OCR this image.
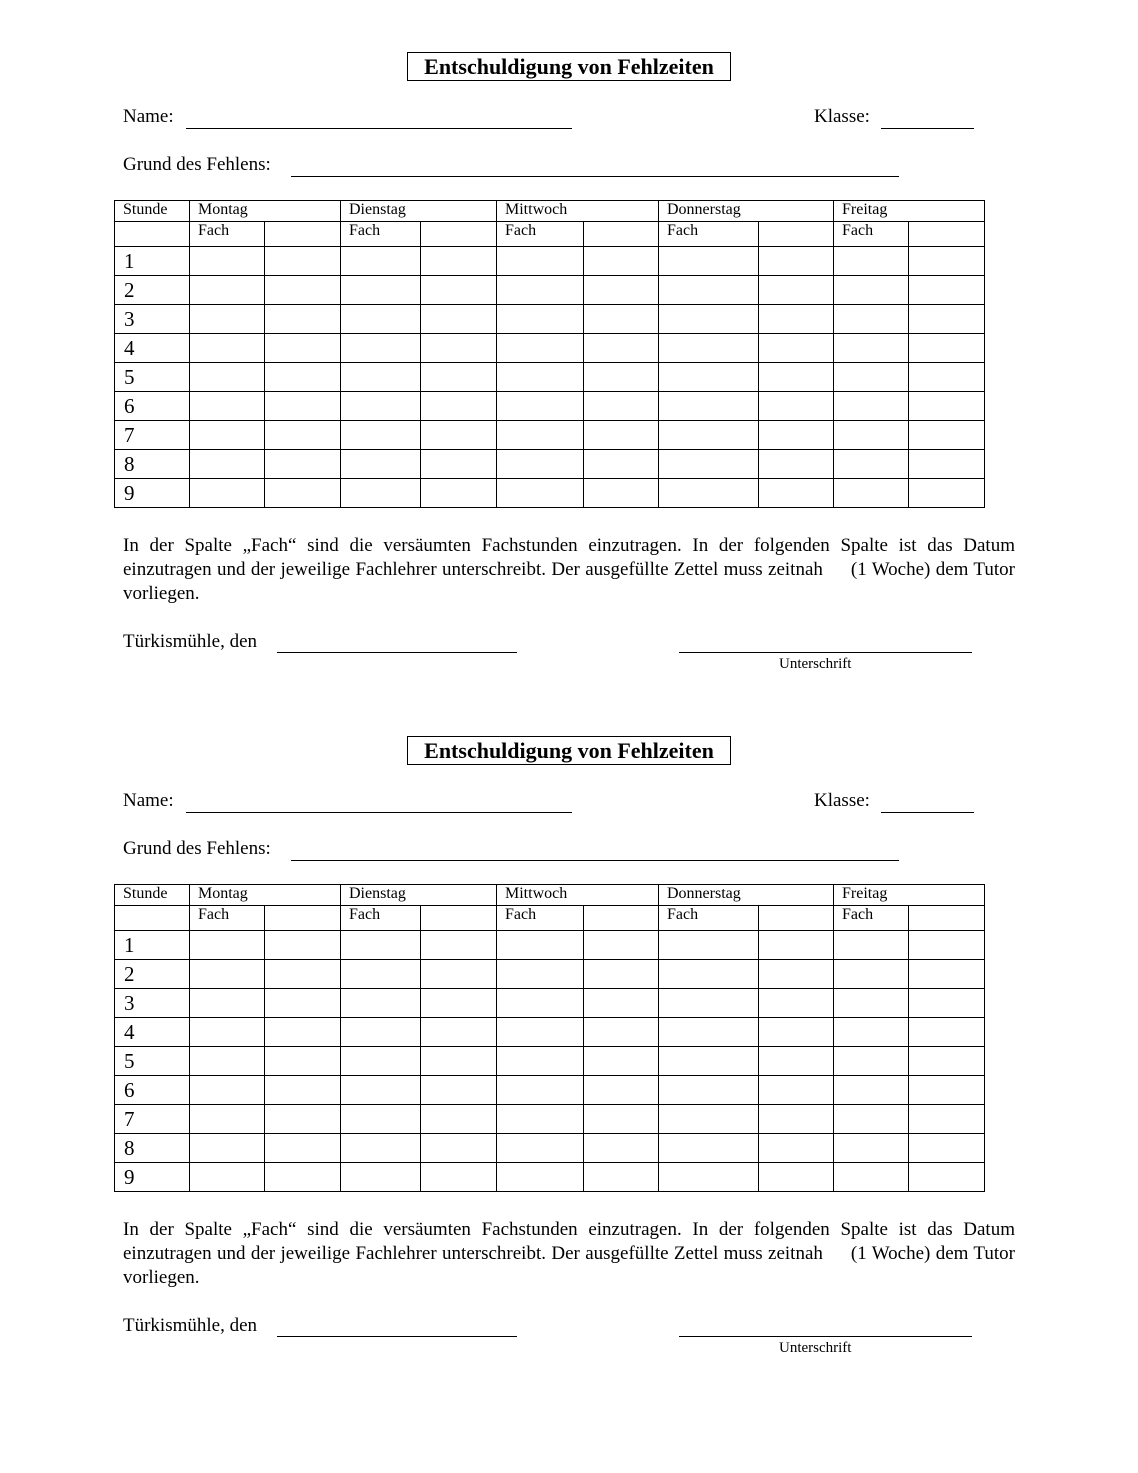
Entschuldigung von Fehlzeiten
Name:	Klasse:
Grund des Fehlens:
Stunde	Montag		Dienstag		Mittwoch		Donnerstag		Freitag	
	Fach		Fach		Fach		Fach		Fach	
1										
2										
3										
4										
5										
6										
7										
8										
9										
In der Spalte „Fach“ sind die versäumten Fachstunden einzutragen. In der folgenden Spalte ist das Datum einzutragen und der jeweilige Fachlehrer unterschreibt. Der ausgefüllte Zettel muss zeitnah (1 Woche) dem Tutor vorliegen.
Türkismühle, den
Unterschrift
Entschuldigung von Fehlzeiten
Name:	Klasse:
Grund des Fehlens:
Stunde	Montag		Dienstag		Mittwoch		Donnerstag		Freitag	
	Fach		Fach		Fach		Fach		Fach	
1										
2										
3										
4										
5										
6										
7										
8										
9										
In der Spalte „Fach“ sind die versäumten Fachstunden einzutragen. In der folgenden Spalte ist das Datum einzutragen und der jeweilige Fachlehrer unterschreibt. Der ausgefüllte Zettel muss zeitnah (1 Woche) dem Tutor vorliegen.
Türkismühle, den
Unterschrift
